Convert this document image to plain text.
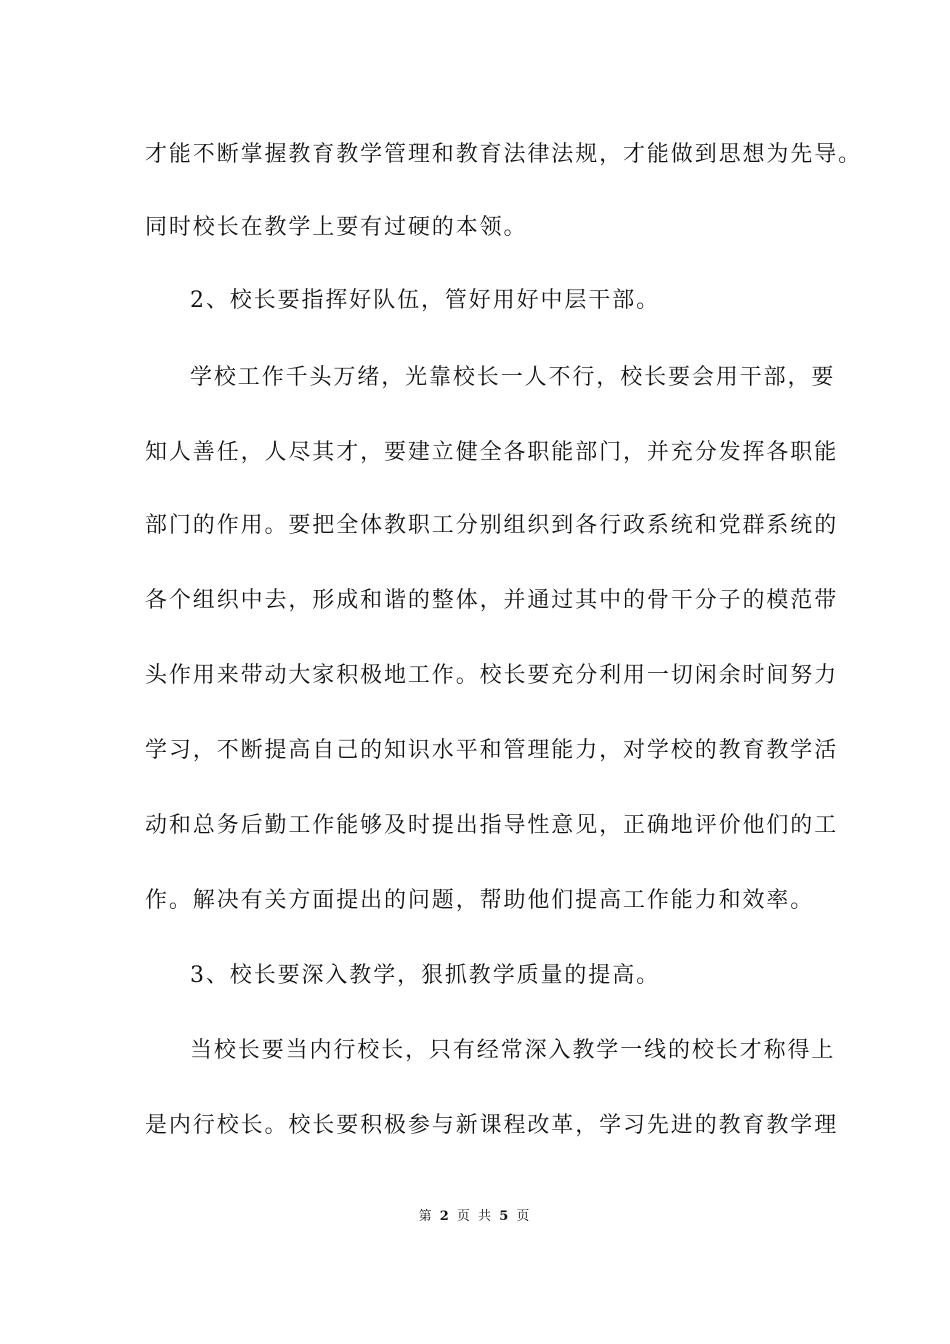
才能不断掌握教育教学管理和教育法律法规，才能做到思想为先导。
同时校长在教学上要有过硬的本领。
2、校长要指挥好队伍，管好用好中层干部。
学校工作千头万绪，光靠校长一人不行，校长要会用干部，要
知人善任，人尽其才，要建立健全各职能部门，并充分发挥各职能
部门的作用。要把全体教职工分别组织到各行政系统和党群系统的
各个组织中去，形成和谐的整体，并通过其中的骨干分子的模范带
头作用来带动大家积极地工作。校长要充分利用一切闲余时间努力
学习，不断提高自己的知识水平和管理能力，对学校的教育教学活
动和总务后勤工作能够及时提出指导性意见，正确地评价他们的工
作。解决有关方面提出的问题，帮助他们提高工作能力和效率。
3、校长要深入教学，狠抓教学质量的提高。
当校长要当内行校长，只有经常深入教学一线的校长才称得上
是内行校长。校长要积极参与新课程改革，学习先进的教育教学理
第 2 页 共 5 页
